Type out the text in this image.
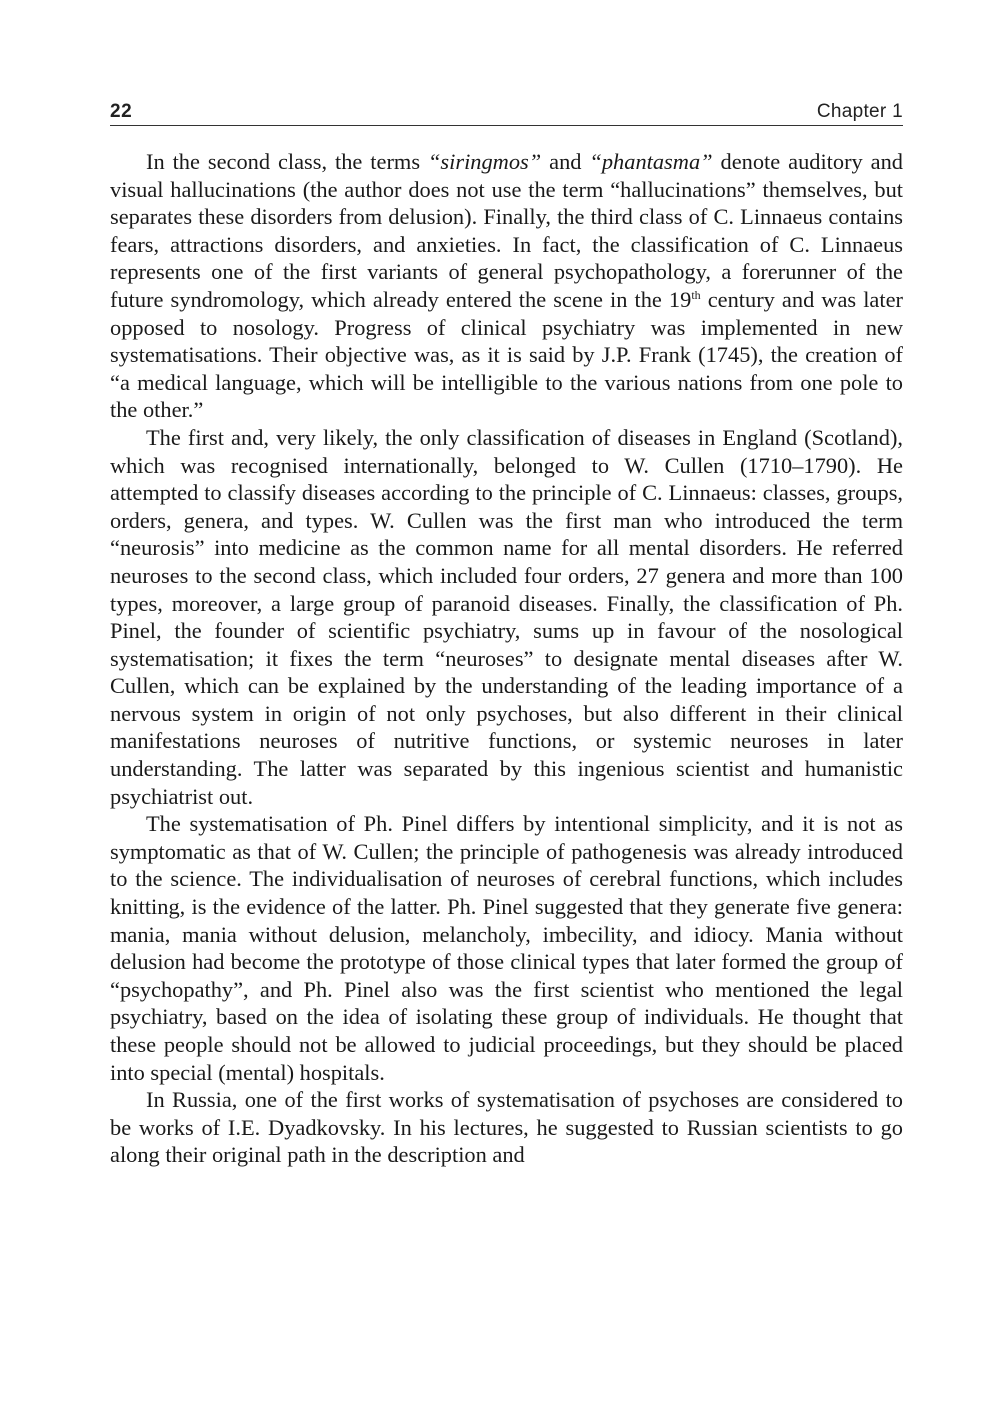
22	Chapter 1

In the second class, the terms “siringmos” and “phantasma” denote auditory and visual hallucinations (the author does not use the term “hallucinations” themselves, but separates these disorders from delusion). Finally, the third class of C. Linnaeus contains fears, attractions disorders, and anxieties. In fact, the classification of C. Linnaeus represents one of the first variants of general psychopathology, a forerunner of the future syndromology, which already entered the scene in the 19th century and was later opposed to nosology. Progress of clinical psychiatry was implemented in new systematisations. Their objective was, as it is said by J.P. Frank (1745), the creation of “a medical language, which will be intelligible to the various nations from one pole to the other.”

The first and, very likely, the only classification of diseases in England (Scotland), which was recognised internationally, belonged to W. Cullen (1710–1790). He attempted to classify diseases according to the principle of C. Linnaeus: classes, groups, orders, genera, and types. W. Cullen was the first man who introduced the term “neurosis” into medicine as the common name for all mental disorders. He referred neuroses to the second class, which included four orders, 27 genera and more than 100 types, moreover, a large group of paranoid diseases. Finally, the classification of Ph. Pinel, the founder of scientific psychiatry, sums up in favour of the nosological systematisation; it fixes the term “neuroses” to designate mental diseases after W. Cullen, which can be explained by the understanding of the leading importance of a nervous system in origin of not only psychoses, but also different in their clinical manifestations neuroses of nutritive functions, or systemic neuroses in later understanding. The latter was separated by this ingenious scientist and humanistic psychiatrist out.

The systematisation of Ph. Pinel differs by intentional simplicity, and it is not as symptomatic as that of W. Cullen; the principle of pathogenesis was already introduced to the science. The individualisation of neuroses of cerebral functions, which includes knitting, is the evidence of the latter. Ph. Pinel suggested that they generate five genera: mania, mania without delusion, melancholy, imbecility, and idiocy. Mania without delusion had become the prototype of those clinical types that later formed the group of “psychopathy”, and Ph. Pinel also was the first scientist who mentioned the legal psychiatry, based on the idea of isolating these group of individuals. He thought that these people should not be allowed to judicial proceedings, but they should be placed into special (mental) hospitals.

In Russia, one of the first works of systematisation of psychoses are considered to be works of I.E. Dyadkovsky. In his lectures, he suggested to Russian scientists to go along their original path in the description and
